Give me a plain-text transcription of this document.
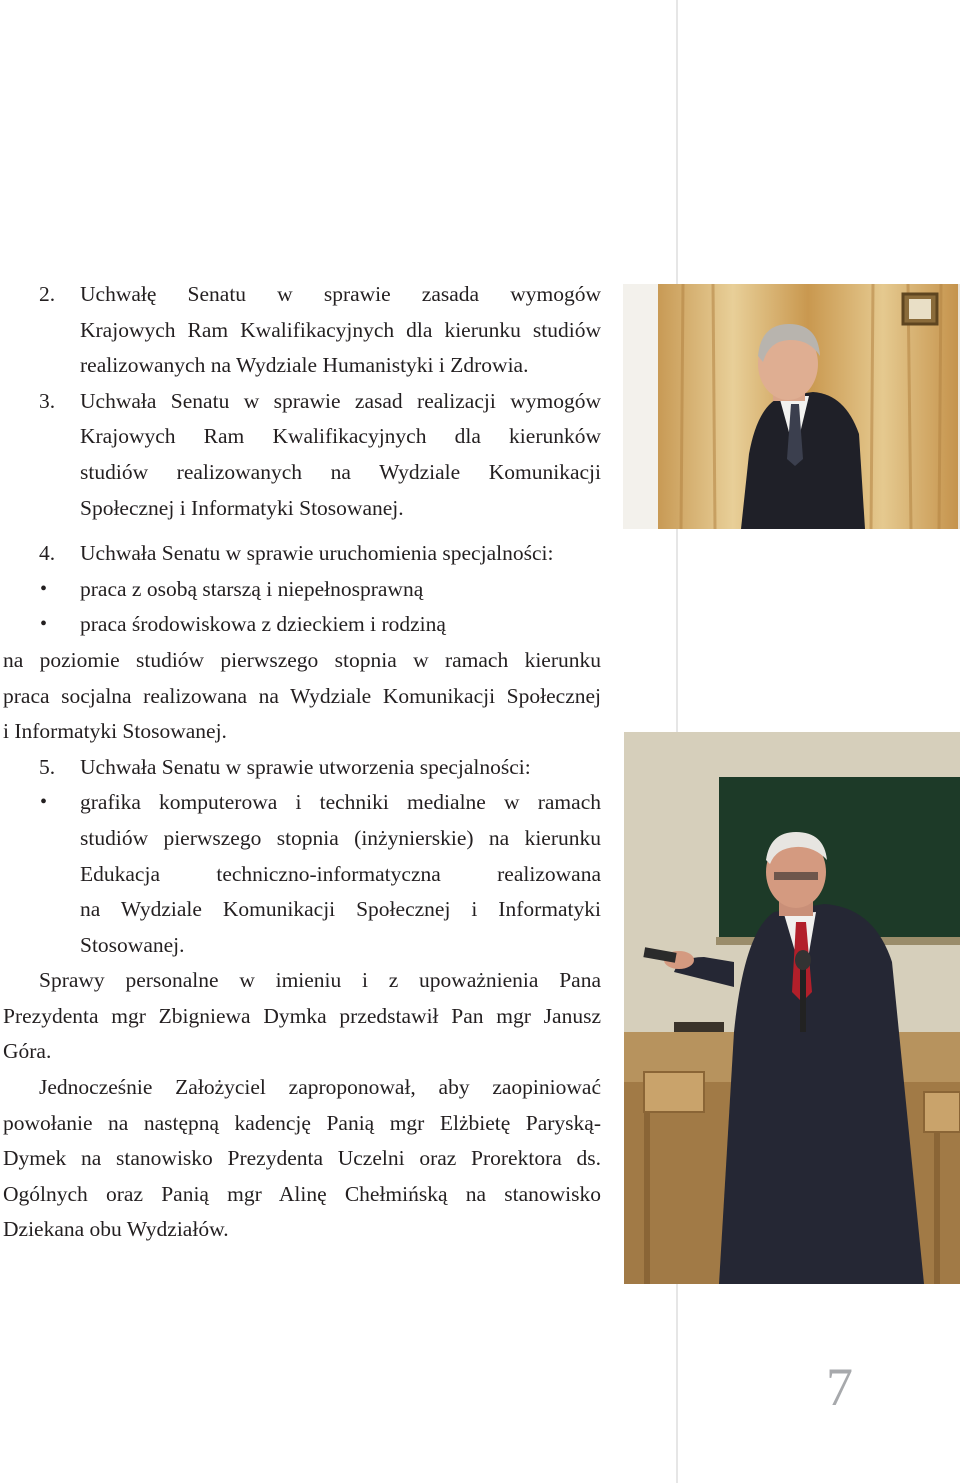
2.	Uchwałę Senatu w sprawie zasada wymogów
Krajowych Ram Kwalifikacyjnych dla kierunku studiów
realizowanych na Wydziale Humanistyki i Zdrowia.
3.	Uchwała Senatu w sprawie zasad realizacji wymogów
Krajowych Ram Kwalifikacyjnych dla kierunków
studiów realizowanych na Wydziale Komunikacji
Społecznej i Informatyki Stosowanej.
4.	Uchwała Senatu w sprawie uruchomienia specjalności:
•	praca z osobą starszą i niepełnosprawną
•	praca środowiskowa z dzieckiem i rodziną
na poziomie studiów pierwszego stopnia w ramach kierunku
praca socjalna realizowana na Wydziale Komunikacji Społecznej
i Informatyki Stosowanej.
5.	Uchwała Senatu w sprawie utworzenia specjalności:
•	grafika komputerowa i techniki medialne w ramach
studiów pierwszego stopnia (inżynierskie) na kierunku
Edukacja techniczno-informatyczna realizowana
na Wydziale Komunikacji Społecznej i Informatyki
Stosowanej.
Sprawy personalne w imieniu i z upoważnienia Pana
Prezydenta mgr Zbigniewa Dymka przedstawił Pan mgr Janusz
Góra.
Jednocześnie Założyciel zaproponował, aby zaopiniować
powołanie na następną kadencję Panią mgr Elżbietę Paryską-
Dymek na stanowisko Prezydenta Uczelni oraz Prorektora ds.
Ogólnych oraz Panią mgr Alinę Chełmińską na stanowisko
Dziekana obu Wydziałów.
7
